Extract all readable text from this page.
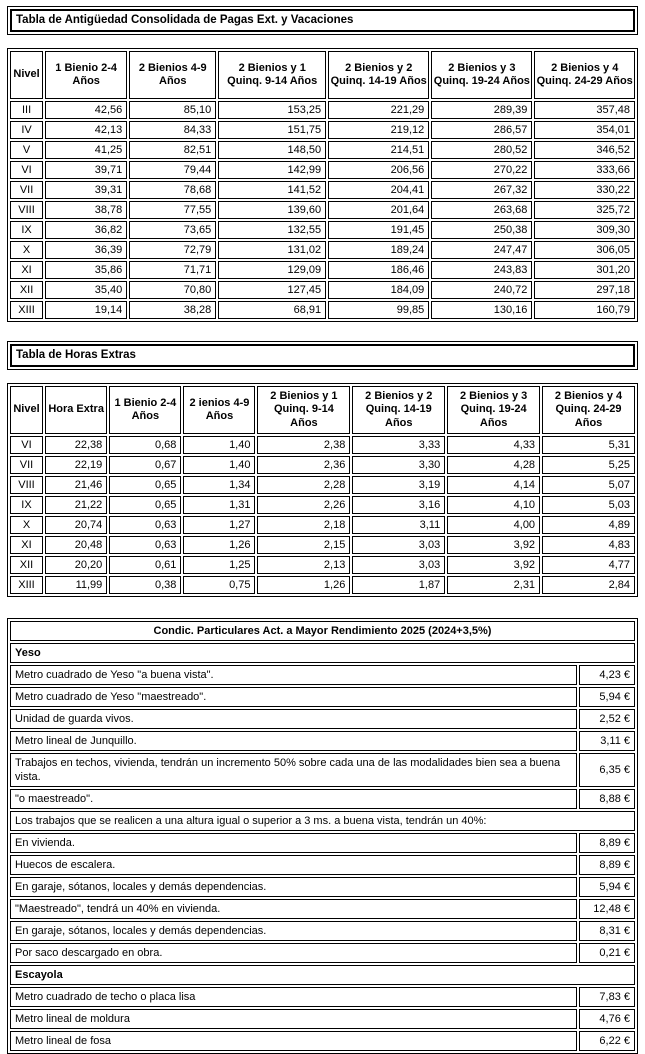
Tabla de Antigüedad Consolidada de Pagas Ext. y Vacaciones
Nivel	1 Bienio 2-4 Años	2 Bienios 4-9 Años	2 Bienios y 1 Quinq. 9-14 Años	2 Bienios y 2 Quinq. 14-19 Años	2 Bienios y 3 Quinq. 19-24 Años	2 Bienios y 4 Quinq. 24-29 Años
III	42,56	85,10	153,25	221,29	289,39	357,48
IV	42,13	84,33	151,75	219,12	286,57	354,01
V	41,25	82,51	148,50	214,51	280,52	346,52
VI	39,71	79,44	142,99	206,56	270,22	333,66
VII	39,31	78,68	141,52	204,41	267,32	330,22
VIII	38,78	77,55	139,60	201,64	263,68	325,72
IX	36,82	73,65	132,55	191,45	250,38	309,30
X	36,39	72,79	131,02	189,24	247,47	306,05
XI	35,86	71,71	129,09	186,46	243,83	301,20
XII	35,40	70,80	127,45	184,09	240,72	297,18
XIII	19,14	38,28	68,91	99,85	130,16	160,79
Tabla de Horas Extras
Nivel	Hora Extra	1 Bienio 2-4 Años	2 ienios 4-9 Años	2 Bienios y 1 Quinq. 9-14 Años	2 Bienios y 2 Quinq. 14-19 Años	2 Bienios y 3 Quinq. 19-24 Años	2 Bienios y 4 Quinq. 24-29 Años
VI	22,38	0,68	1,40	2,38	3,33	4,33	5,31
VII	22,19	0,67	1,40	2,36	3,30	4,28	5,25
VIII	21,46	0,65	1,34	2,28	3,19	4,14	5,07
IX	21,22	0,65	1,31	2,26	3,16	4,10	5,03
X	20,74	0,63	1,27	2,18	3,11	4,00	4,89
XI	20,48	0,63	1,26	2,15	3,03	3,92	4,83
XII	20,20	0,61	1,25	2,13	3,03	3,92	4,77
XIII	11,99	0,38	0,75	1,26	1,87	2,31	2,84
Condic. Particulares Act. a Mayor Rendimiento 2025 (2024+3,5%)	
Yeso	
Metro cuadrado de Yeso "a buena vista".	4,23 €
Metro cuadrado de Yeso "maestreado".	5,94 €
Unidad de guarda vivos.	2,52 €
Metro lineal de Junquillo.	3,11 €
Trabajos en techos, vivienda, tendrán un incremento 50% sobre cada una de las modalidades bien sea a buena vista.	6,35 €
"o maestreado".	8,88 €
Los trabajos que se realicen a una altura igual o superior a 3 ms. a buena vista, tendrán un 40%:	
En vivienda.	8,89 €
Huecos de escalera.	8,89 €
En garaje, sótanos, locales y demás dependencias.	5,94 €
"Maestreado", tendrá un 40% en vivienda.	12,48 €
En garaje, sótanos, locales y demás dependencias.	8,31 €
Por saco descargado en obra.	0,21 €
Escayola	
Metro cuadrado de techo o placa lisa	7,83 €
Metro lineal de moldura	4,76 €
Metro lineal de fosa	6,22 €
